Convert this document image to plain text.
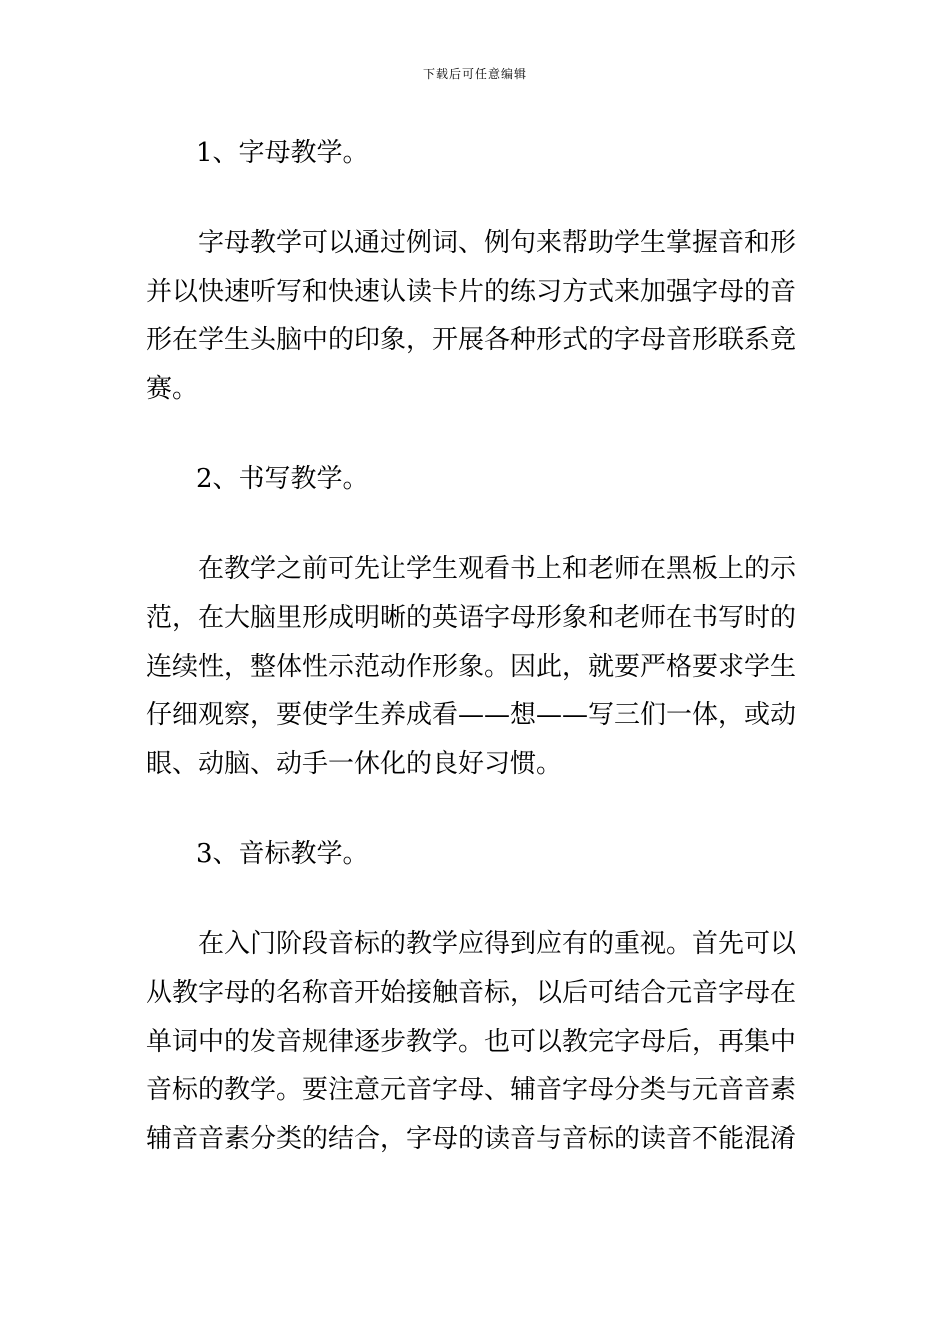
下载后可任意编辑
1、字母教学。
字母教学可以通过例词、例句来帮助学生掌握音和形
并以快速听写和快速认读卡片的练习方式来加强字母的音
形在学生头脑中的印象，开展各种形式的字母音形联系竞
赛。
2、书写教学。
在教学之前可先让学生观看书上和老师在黑板上的示
范，在大脑里形成明晰的英语字母形象和老师在书写时的
连续性，整体性示范动作形象。因此，就要严格要求学生
仔细观察，要使学生养成看——想——写三们一体，或动
眼、动脑、动手一休化的良好习惯。
3、音标教学。
在入门阶段音标的教学应得到应有的重视。首先可以
从教字母的名称音开始接触音标，以后可结合元音字母在
单词中的发音规律逐步教学。也可以教完字母后，再集中
音标的教学。要注意元音字母、辅音字母分类与元音音素
辅音音素分类的结合，字母的读音与音标的读音不能混淆
